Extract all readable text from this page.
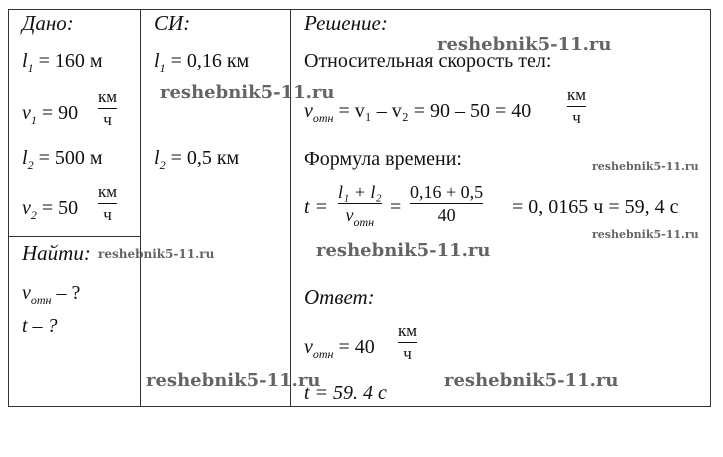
Дано:	СИ:	Решение:
$l_1 = 160$ м
$v_1 = 90$
км
ч
$l_2 = 500$ м
$v_2 = 50$
км
ч
Найти:
$v_{отн}$ – ?
t – ?
$l_1 = 0,16$ км
$l_2 = 0,5$ км
Относительная скорость тел:
$v_{отн} = v_1 - v_2 = 90 - 50 = 40$
км
ч
Формула времени:
t =
l₁ + l₂
$v_{отн}$
=
0,16 + 0,5
40	= 0, 0165 ч = 59, 4 с
Ответ:
$v_{отн} = 40$
км
ч
t = 59. 4 с
reshebnik5-11.ru
reshebnik5-11.ru
reshebnik5-11.ru
reshebnik5-11.ru
reshebnik5-11.ru
reshebnik5-11.ru
reshebnik5-11.ru	reshebnik5-11.ru
